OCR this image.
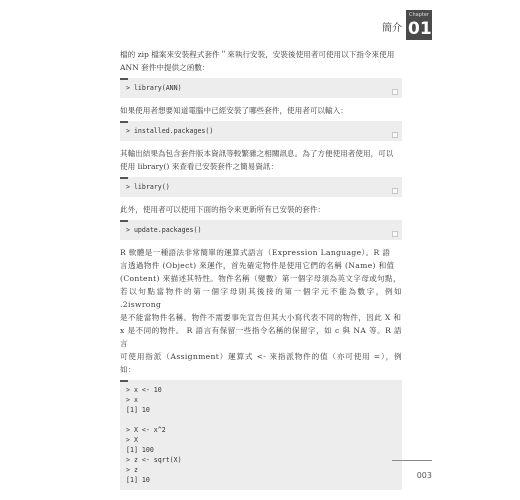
簡介
Chapter
01

檔的 zip 檔案來安裝程式套件＂來執行安裝，安裝後使用者可使用以下指令來使用
ANN 套件中提供之函數：

> library(ANN)

如果使用者想要知道電腦中已經安裝了哪些套件，使用者可以輸入：

> installed.packages()

其輸出結果為包含套件版本資訊等較繁雜之相關訊息。為了方便使用者使用，可以
使用 library() 來查看已安裝套件之簡易資訊：

> library()

此外，使用者可以使用下面的指令來更新所有已安裝的套件：

> update.packages()

R 軟體是一種語法非常簡單的運算式語言（Expression Language）。R 語
言透過物件 (Object) 來運作，首先確定物件是使用它們的名稱 (Name) 和值
(Content) 來描述其特性。物件名稱（變數）第一個字母須為英文字母或句點，
若以句點當物件的第一個字母則其後接的第一個字元不能為數字，例如 .2iswrong
是不能當物件名稱。物件不需要事先宣告但其大小寫代表不同的物件，因此 X 和
x 是不同的物件。 R 語言有保留一些指令名稱的保留字，如 c 與 NA 等。R 語言
可使用指派（Assignment）運算式 <- 來指派物件的值（亦可使用 =），例如：

> x <- 10
> x
[1] 10
> X <- x^2
> X
[1] 100
> z <- sqrt(X)
> z
[1] 10	003
